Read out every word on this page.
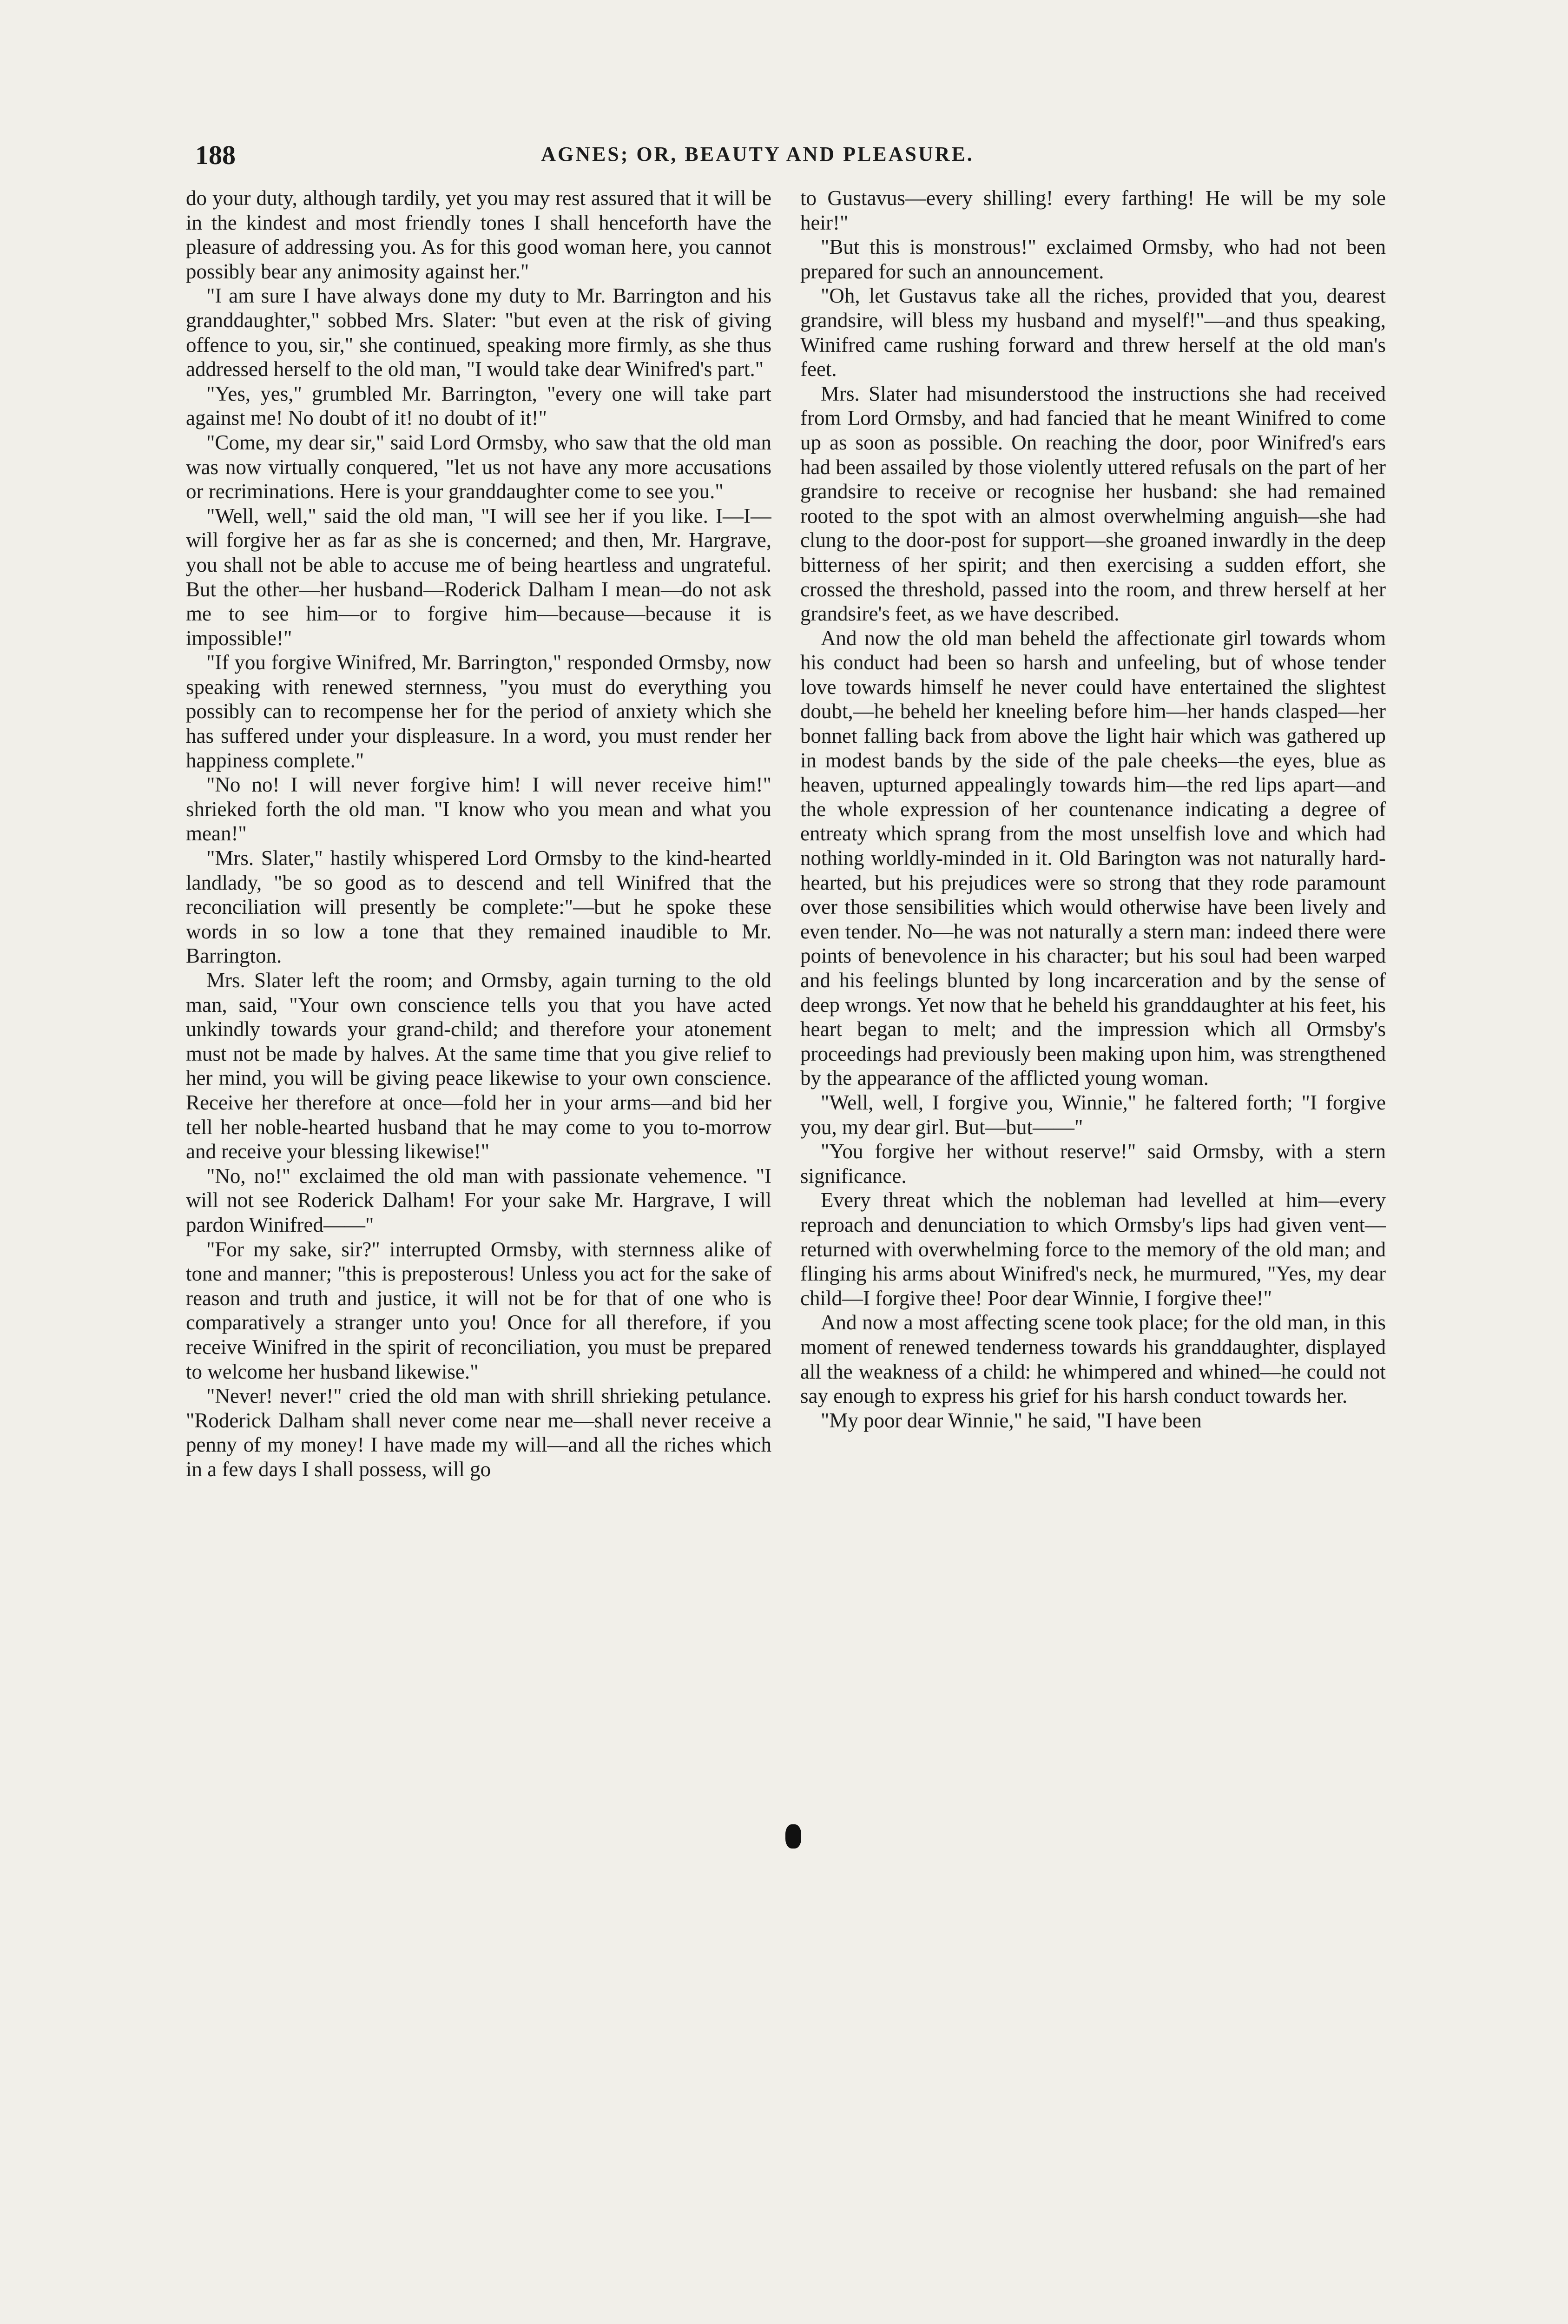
188	AGNES; OR, BEAUTY AND PLEASURE.

do your duty, although tardily, yet you may rest assured that it will be in the kindest and most friendly tones I shall henceforth have the pleasure of addressing you. As for this good woman here, you cannot possibly bear any animosity against her."

"I am sure I have always done my duty to Mr. Barrington and his granddaughter," sobbed Mrs. Slater: "but even at the risk of giving offence to you, sir," she continued, speaking more firmly, as she thus addressed herself to the old man, "I would take dear Winifred's part."

"Yes, yes," grumbled Mr. Barrington, "every one will take part against me! No doubt of it! no doubt of it!"

"Come, my dear sir," said Lord Ormsby, who saw that the old man was now virtually conquered, "let us not have any more accusations or recriminations. Here is your granddaughter come to see you."

"Well, well," said the old man, "I will see her if you like. I—I—will forgive her as far as she is concerned; and then, Mr. Hargrave, you shall not be able to accuse me of being heartless and ungrateful. But the other—her husband—Roderick Dalham I mean—do not ask me to see him—or to forgive him—because—because it is impossible!"

"If you forgive Winifred, Mr. Barrington," responded Ormsby, now speaking with renewed sternness, "you must do everything you possibly can to recompense her for the period of anxiety which she has suffered under your displeasure. In a word, you must render her happiness complete."

"No no! I will never forgive him! I will never receive him!" shrieked forth the old man. "I know who you mean and what you mean!"

"Mrs. Slater," hastily whispered Lord Ormsby to the kind-hearted landlady, "be so good as to descend and tell Winifred that the reconciliation will presently be complete:"—but he spoke these words in so low a tone that they remained inaudible to Mr. Barrington.

Mrs. Slater left the room; and Ormsby, again turning to the old man, said, "Your own conscience tells you that you have acted unkindly towards your grand-child; and therefore your atonement must not be made by halves. At the same time that you give relief to her mind, you will be giving peace likewise to your own conscience. Receive her therefore at once—fold her in your arms—and bid her tell her noble-hearted husband that he may come to you to-morrow and receive your blessing likewise!"

"No, no!" exclaimed the old man with passionate vehemence. "I will not see Roderick Dalham! For your sake Mr. Hargrave, I will pardon Winifred——"

"For my sake, sir?" interrupted Ormsby, with sternness alike of tone and manner; "this is preposterous! Unless you act for the sake of reason and truth and justice, it will not be for that of one who is comparatively a stranger unto you! Once for all therefore, if you receive Winifred in the spirit of reconciliation, you must be prepared to welcome her husband likewise."

"Never! never!" cried the old man with shrill shrieking petulance. "Roderick Dalham shall never come near me—shall never receive a penny of my money! I have made my will—and all the riches which in a few days I shall possess, will go

to Gustavus—every shilling! every farthing! He will be my sole heir!"

"But this is monstrous!" exclaimed Ormsby, who had not been prepared for such an announcement.

"Oh, let Gustavus take all the riches, provided that you, dearest grandsire, will bless my husband and myself!"—and thus speaking, Winifred came rushing forward and threw herself at the old man's feet.

Mrs. Slater had misunderstood the instructions she had received from Lord Ormsby, and had fancied that he meant Winifred to come up as soon as possible. On reaching the door, poor Winifred's ears had been assailed by those violently uttered refusals on the part of her grandsire to receive or recognise her husband: she had remained rooted to the spot with an almost overwhelming anguish—she had clung to the door-post for support—she groaned inwardly in the deep bitterness of her spirit; and then exercising a sudden effort, she crossed the threshold, passed into the room, and threw herself at her grandsire's feet, as we have described.

And now the old man beheld the affectionate girl towards whom his conduct had been so harsh and unfeeling, but of whose tender love towards himself he never could have entertained the slightest doubt,—he beheld her kneeling before him—her hands clasped—her bonnet falling back from above the light hair which was gathered up in modest bands by the side of the pale cheeks—the eyes, blue as heaven, upturned appealingly towards him—the red lips apart—and the whole expression of her countenance indicating a degree of entreaty which sprang from the most unselfish love and which had nothing worldly-minded in it. Old Barington was not naturally hard-hearted, but his prejudices were so strong that they rode paramount over those sensibilities which would otherwise have been lively and even tender. No—he was not naturally a stern man: indeed there were points of benevolence in his character; but his soul had been warped and his feelings blunted by long incarceration and by the sense of deep wrongs. Yet now that he beheld his granddaughter at his feet, his heart began to melt; and the impression which all Ormsby's proceedings had previously been making upon him, was strengthened by the appearance of the afflicted young woman.

"Well, well, I forgive you, Winnie," he faltered forth; "I forgive you, my dear girl. But—but——"

"You forgive her without reserve!" said Ormsby, with a stern significance.

Every threat which the nobleman had levelled at him—every reproach and denunciation to which Ormsby's lips had given vent—returned with overwhelming force to the memory of the old man; and flinging his arms about Winifred's neck, he murmured, "Yes, my dear child—I forgive thee! Poor dear Winnie, I forgive thee!"

And now a most affecting scene took place; for the old man, in this moment of renewed tenderness towards his granddaughter, displayed all the weakness of a child: he whimpered and whined—he could not say enough to express his grief for his harsh conduct towards her.

"My poor dear Winnie," he said, "I have been
